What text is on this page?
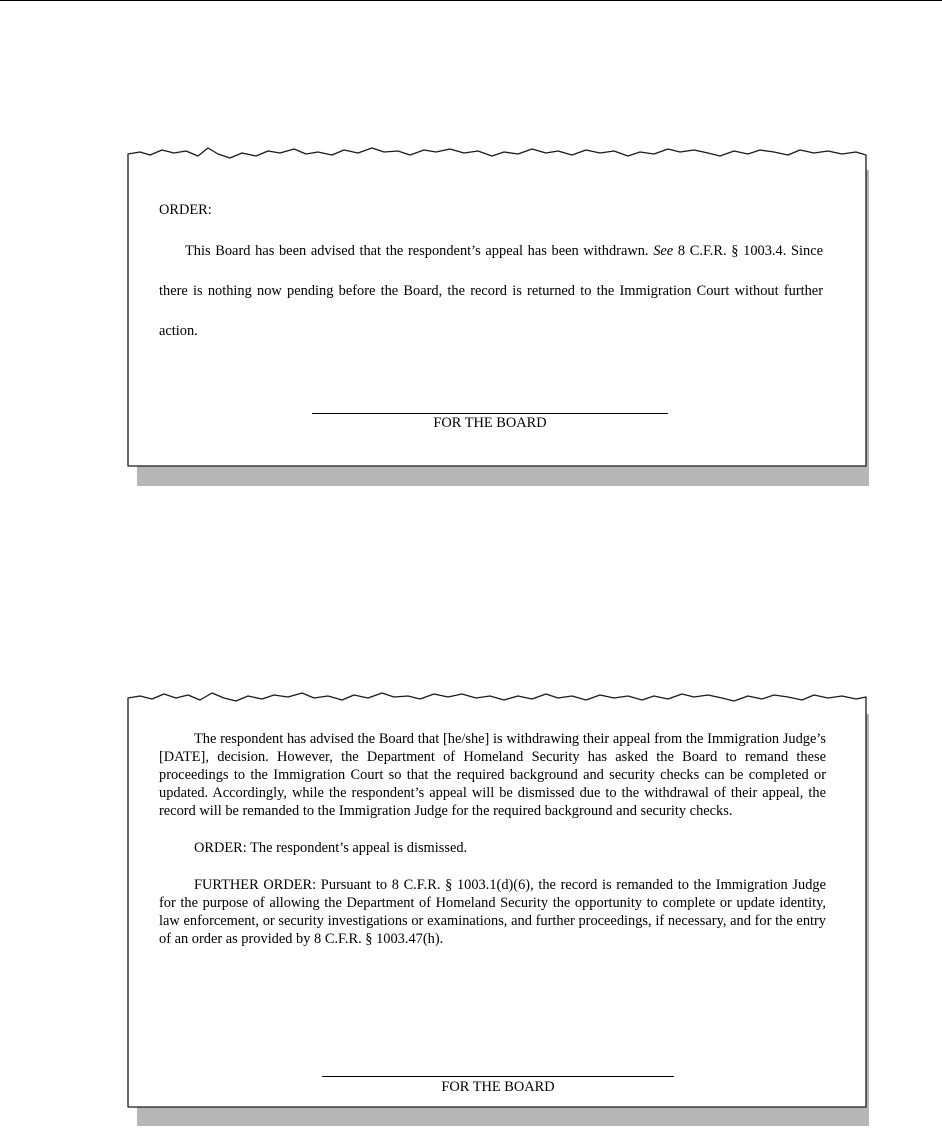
ORDER:

This Board has been advised that the respondent’s appeal has been withdrawn. See 8 C.F.R. § 1003.4. Since there is nothing now pending before the Board, the record is returned to the Immigration Court without further action.

FOR THE BOARD

The respondent has advised the Board that [he/she] is withdrawing their appeal from the Immigration Judge’s [DATE], decision. However, the Department of Homeland Security has asked the Board to remand these proceedings to the Immigration Court so that the required background and security checks can be completed or updated. Accordingly, while the respondent’s appeal will be dismissed due to the withdrawal of their appeal, the record will be remanded to the Immigration Judge for the required background and security checks.

ORDER: The respondent’s appeal is dismissed.

FURTHER ORDER: Pursuant to 8 C.F.R. § 1003.1(d)(6), the record is remanded to the Immigration Judge for the purpose of allowing the Department of Homeland Security the opportunity to complete or update identity, law enforcement, or security investigations or examinations, and further proceedings, if necessary, and for the entry of an order as provided by 8 C.F.R. § 1003.47(h).

FOR THE BOARD
